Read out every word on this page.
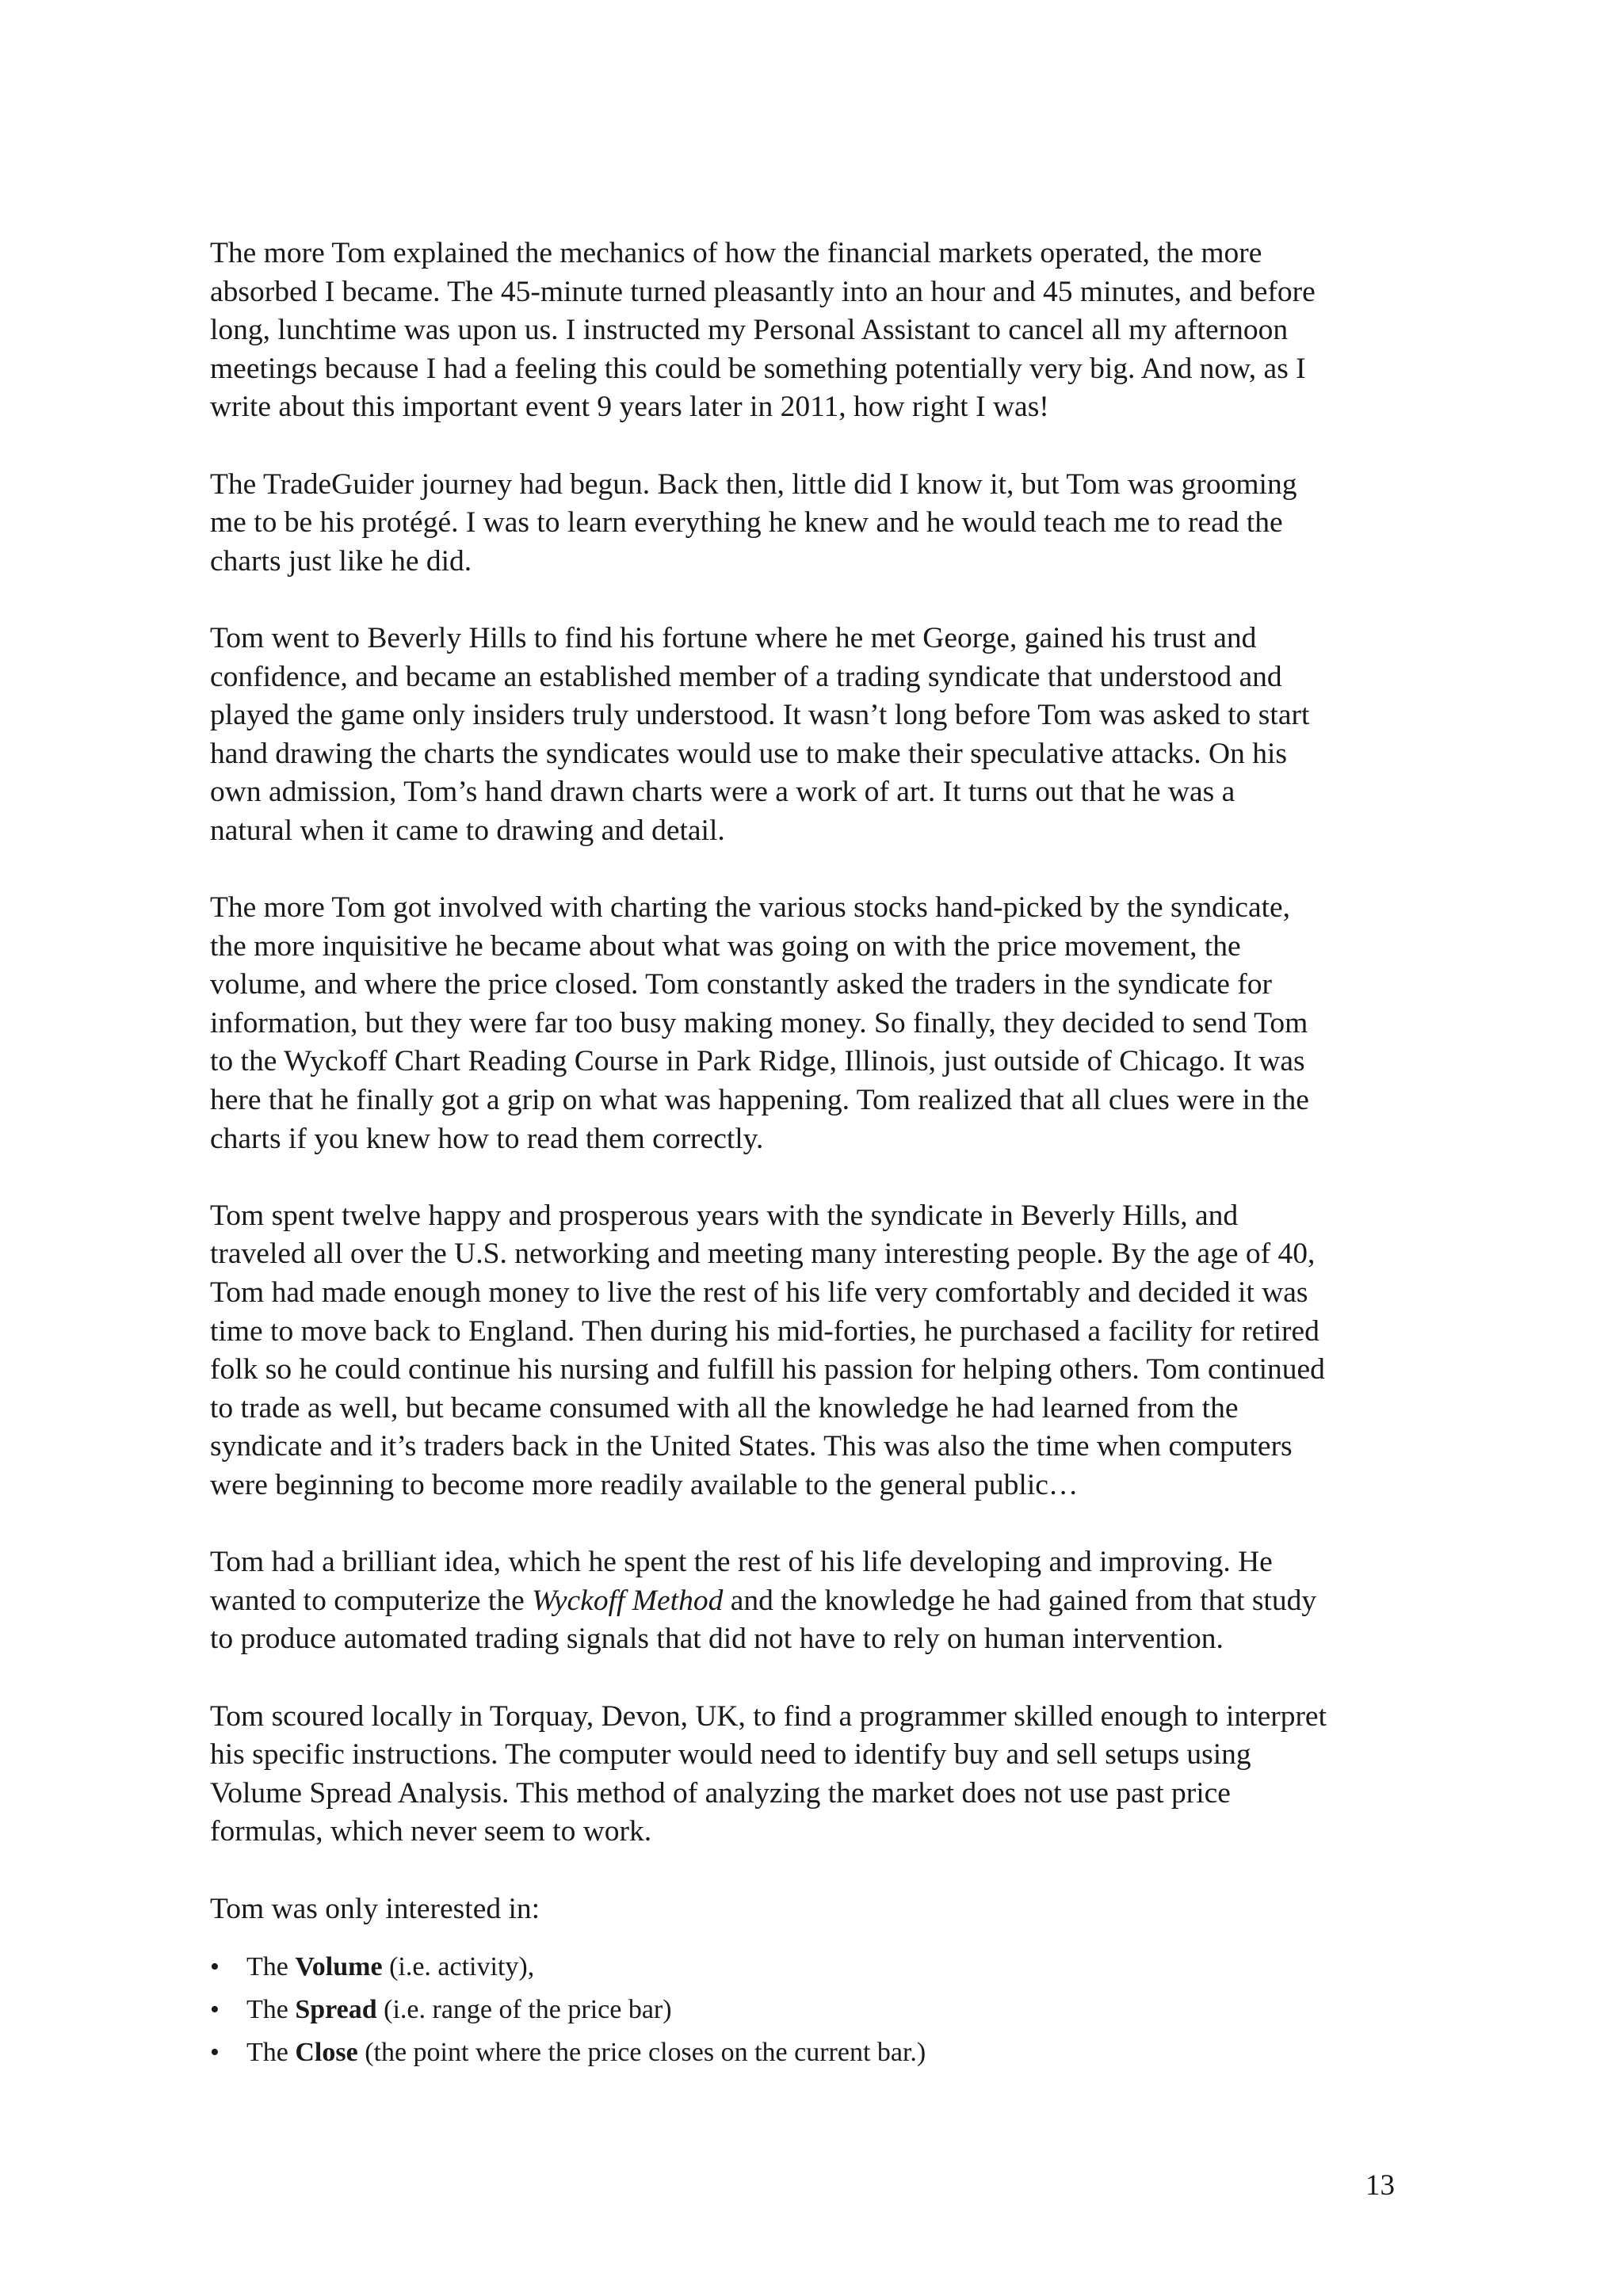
The more Tom explained the mechanics of how the financial markets operated, the more
absorbed I became. The 45-minute turned pleasantly into an hour and 45 minutes, and before
long, lunchtime was upon us. I instructed my Personal Assistant to cancel all my afternoon
meetings because I had a feeling this could be something potentially very big. And now, as I
write about this important event 9 years later in 2011, how right I was!

The TradeGuider journey had begun. Back then, little did I know it, but Tom was grooming
me to be his protégé. I was to learn everything he knew and he would teach me to read the
charts just like he did.

Tom went to Beverly Hills to find his fortune where he met George, gained his trust and
confidence, and became an established member of a trading syndicate that understood and
played the game only insiders truly understood. It wasn’t long before Tom was asked to start
hand drawing the charts the syndicates would use to make their speculative attacks. On his
own admission, Tom’s hand drawn charts were a work of art. It turns out that he was a
natural when it came to drawing and detail.

The more Tom got involved with charting the various stocks hand-picked by the syndicate,
the more inquisitive he became about what was going on with the price movement, the
volume, and where the price closed. Tom constantly asked the traders in the syndicate for
information, but they were far too busy making money. So finally, they decided to send Tom
to the Wyckoff Chart Reading Course in Park Ridge, Illinois, just outside of Chicago. It was
here that he finally got a grip on what was happening. Tom realized that all clues were in the
charts if you knew how to read them correctly.

Tom spent twelve happy and prosperous years with the syndicate in Beverly Hills, and
traveled all over the U.S. networking and meeting many interesting people. By the age of 40,
Tom had made enough money to live the rest of his life very comfortably and decided it was
time to move back to England. Then during his mid-forties, he purchased a facility for retired
folk so he could continue his nursing and fulfill his passion for helping others. Tom continued
to trade as well, but became consumed with all the knowledge he had learned from the
syndicate and it’s traders back in the United States. This was also the time when computers
were beginning to become more readily available to the general public…

Tom had a brilliant idea, which he spent the rest of his life developing and improving. He
wanted to computerize the Wyckoff Method and the knowledge he had gained from that study
to produce automated trading signals that did not have to rely on human intervention.

Tom scoured locally in Torquay, Devon, UK, to find a programmer skilled enough to interpret
his specific instructions. The computer would need to identify buy and sell setups using
Volume Spread Analysis. This method of analyzing the market does not use past price
formulas, which never seem to work.

Tom was only interested in:

• The Volume (i.e. activity),
• The Spread (i.e. range of the price bar)
• The Close (the point where the price closes on the current bar.)
13
